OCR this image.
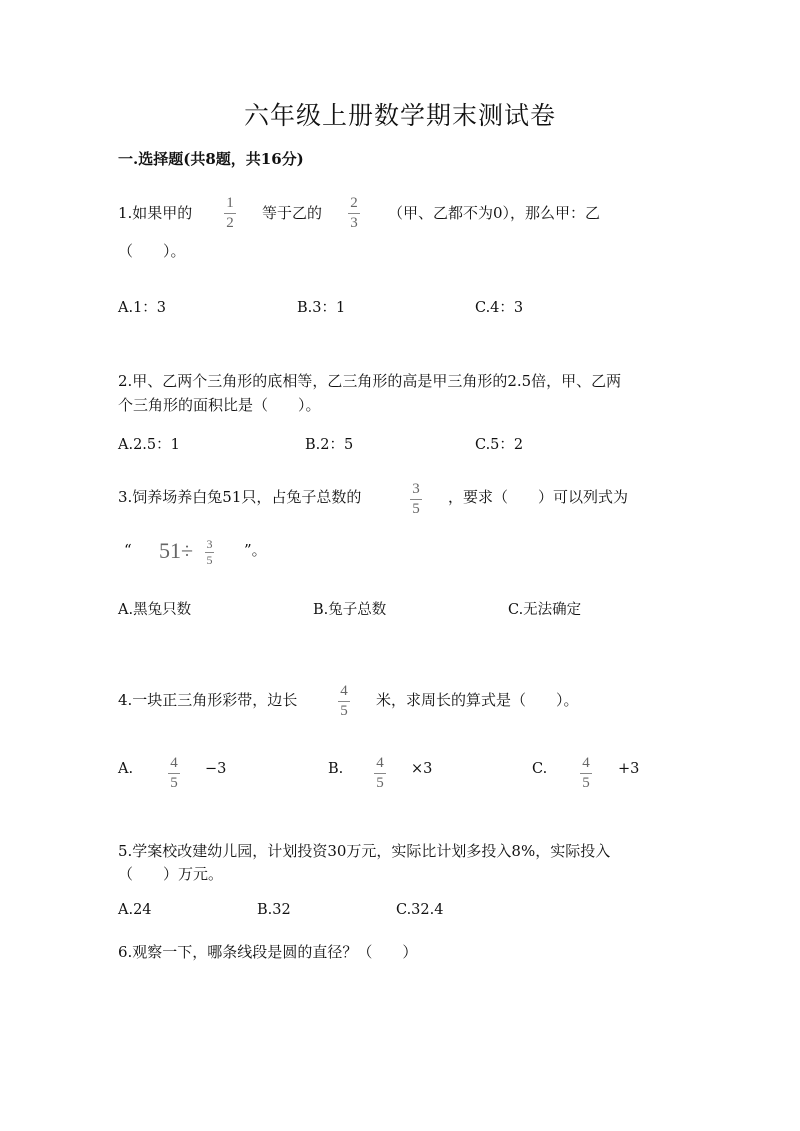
六年级上册数学期末测试卷
一.选择题(共8题，共16分)
1.如果甲的
1
2
等于乙的
2
3
（甲、乙都不为0），那么甲：乙
（　　）。
A.1：3	B.3：1	C.4：3
2.甲、乙两个三角形的底相等，乙三角形的高是甲三角形的2.5倍，甲、乙两
个三角形的面积比是（　　）。
A.2.5：1	B.2：5	C.5：2
3.饲养场养白兔51只，占兔子总数的	3
5
，要求（　　）可以列式为
“ 51÷ 3
5
”。
A.黑兔只数	B.兔子总数	C.无法确定
4.一块正三角形彩带，边长	4
5
米，求周长的算式是（　　）。
A. 4
5
−3	B. 4
5
×3	C. 4
5
+3
5.学案校改建幼儿园，计划投资30万元，实际比计划多投入8%，实际投入
（　　）万元。
A.24	B.32	C.32.4
6.观察一下，哪条线段是圆的直径？（　　）
